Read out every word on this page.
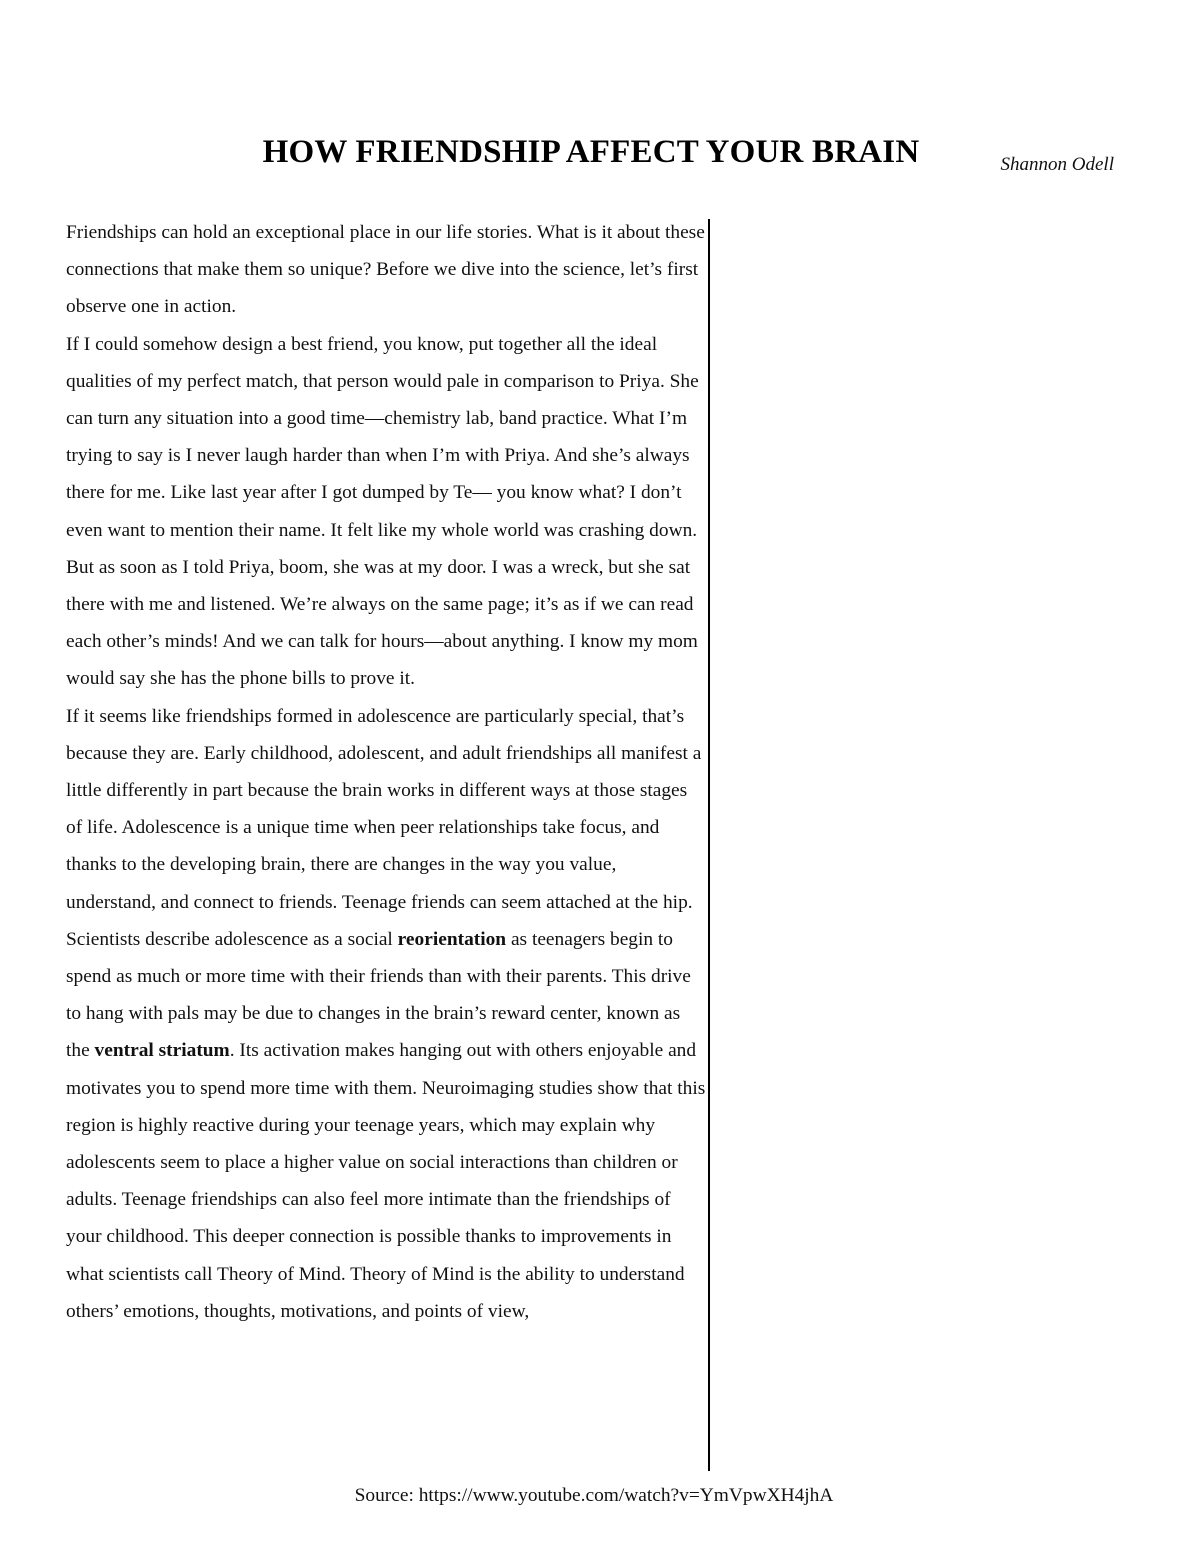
HOW FRIENDSHIP AFFECT YOUR BRAIN	Shannon Odell

Friendships can hold an exceptional place in our life stories. What is it about these connections that make them so unique? Before we dive into the science, let’s first observe one in action.

If I could somehow design a best friend, you know, put together all the ideal qualities of my perfect match, that person would pale in comparison to Priya. She can turn any situation into a good time—chemistry lab, band practice. What I’m trying to say is I never laugh harder than when I’m with Priya. And she’s always there for me. Like last year after I got dumped by Te— you know what? I don’t even want to mention their name. It felt like my whole world was crashing down. But as soon as I told Priya, boom, she was at my door. I was a wreck, but she sat there with me and listened. We’re always on the same page; it’s as if we can read each other’s minds! And we can talk for hours—about anything. I know my mom would say she has the phone bills to prove it.

If it seems like friendships formed in adolescence are particularly special, that’s because they are. Early childhood, adolescent, and adult friendships all manifest a little differently in part because the brain works in different ways at those stages of life. Adolescence is a unique time when peer relationships take focus, and thanks to the developing brain, there are changes in the way you value, understand, and connect to friends. Teenage friends can seem attached at the hip. Scientists describe adolescence as a social reorientation as teenagers begin to spend as much or more time with their friends than with their parents. This drive to hang with pals may be due to changes in the brain’s reward center, known as the ventral striatum. Its activation makes hanging out with others enjoyable and motivates you to spend more time with them. Neuroimaging studies show that this region is highly reactive during your teenage years, which may explain why adolescents seem to place a higher value on social interactions than children or adults. Teenage friendships can also feel more intimate than the friendships of your childhood. This deeper connection is possible thanks to improvements in what scientists call Theory of Mind. Theory of Mind is the ability to understand others’ emotions, thoughts, motivations, and points of view,

Source: https://www.youtube.com/watch?v=YmVpwXH4jhA
